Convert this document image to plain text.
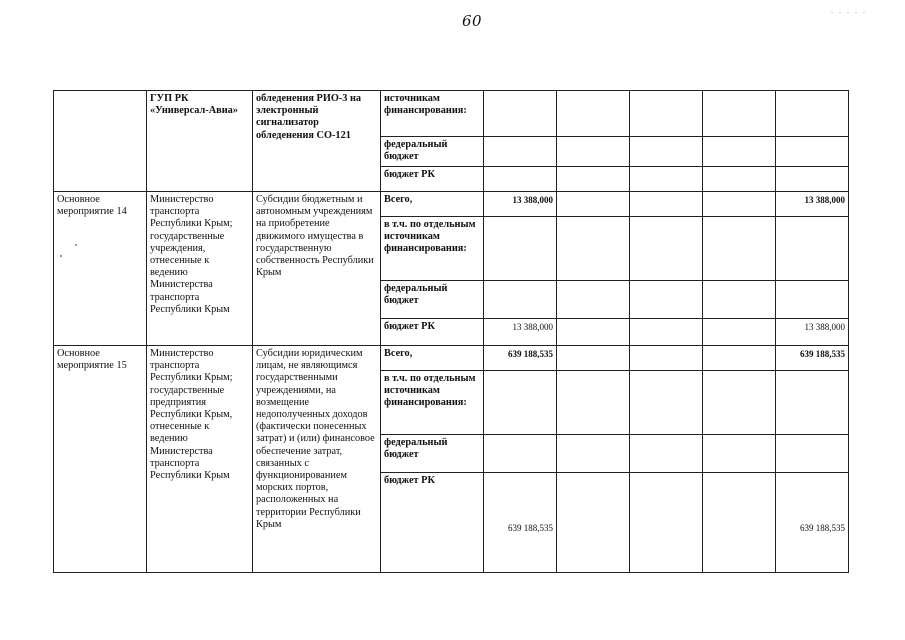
60
. . . . .
	ГУП РК «Универсал-Авиа»	обледенения РИО-3 на электронный сигнализатор обледенения СО-121	источникам финансирования:					
			федеральный бюджет					
			бюджет РК					
Основное мероприятие 14	Министерство транспорта Республики Крым; государственные учреждения, отнесенные к ведению Министерства транспорта Республики Крым	Субсидии бюджетным и автономным учреждениям на приобретение движимого имущества в государственную собственность Республики Крым	Всего,	13 388,000				13 388,000
			в т.ч. по отдельным источникам финансирования:					
			федеральный бюджет					
			бюджет РК	13 388,000				13 388,000
Основное мероприятие 15	Министерство транспорта Республики Крым; государственные предприятия Республики Крым, отнесенные к ведению Министерства транспорта Республики Крым	Субсидии юридическим лицам, не являющимся государственными учреждениями, на возмещение недополученных доходов (фактически понесенных затрат) и (или) финансовое обеспечение затрат, связанных с функционированием морских портов, расположенных на территории Республики Крым	Всего,	639 188,535				639 188,535
			в т.ч. по отдельным источникам финансирования:					
			федеральный бюджет					
			бюджет РК	639 188,535				639 188,535
